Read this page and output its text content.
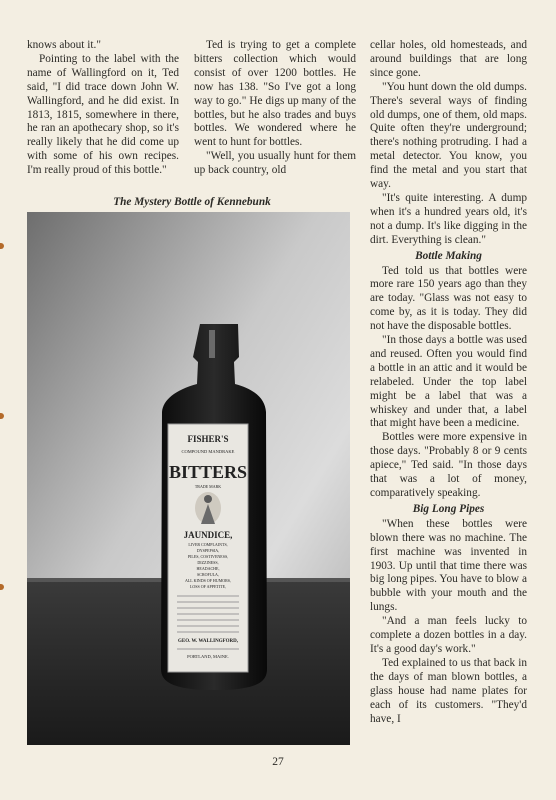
knows about it."

Pointing to the label with the name of Wallingford on it, Ted said, "I did trace down John W. Wallingford, and he did exist. In 1813, 1815, somewhere in there, he ran an apothecary shop, so it's really likely that he did come up with some of his own recipes. I'm really proud of this bottle."

Ted is trying to get a complete bitters collection which would consist of over 1200 bottles. He now has 138. "So I've got a long way to go." He digs up many of the bottles, but he also trades and buys bottles. We wondered where he went to hunt for bottles.

"Well, you usually hunt for them up back country, old

The Mystery Bottle of Kennebunk
FISHER'S
COMPOUND MANDRAKE
BITTERS
TRADE MARK
JAUNDICE,
LIVER COMPLAINTS,
DYSPEPSIA,
PILES, COSTIVENESS,
DIZZINESS,
HEADACHE,
SCROFULA,
ALL KINDS OF HUMORS,
LOSS OF APPETITE,
GEO. W. WALLINGFORD,
PORTLAND, MAINE.

cellar holes, old homesteads, and around buildings that are long since gone.

"You hunt down the old dumps. There's several ways of finding old dumps, one of them, old maps. Quite often they're underground; there's nothing protruding. I had a metal detector. You know, you find the metal and you start that way.

"It's quite interesting. A dump when it's a hundred years old, it's not a dump. It's like digging in the dirt. Everything is clean."

Bottle Making

Ted told us that bottles were more rare 150 years ago than they are today. "Glass was not easy to come by, as it is today. They did not have the disposable bottles.

"In those days a bottle was used and reused. Often you would find a bottle in an attic and it would be relabeled. Under the top label might be a label that was a whiskey and under that, a label that might have been a medicine.

Bottles were more expensive in those days. "Probably 8 or 9 cents apiece," Ted said. "In those days that was a lot of money, comparatively speaking.

Big Long Pipes

"When these bottles were blown there was no machine. The first machine was invented in 1903. Up until that time there was big long pipes. You have to blow a bubble with your mouth and the lungs.

"And a man feels lucky to complete a dozen bottles in a day. It's a good day's work."

Ted explained to us that back in the days of man blown bottles, a glass house had name plates for each of its customers. "They'd have, I

27
